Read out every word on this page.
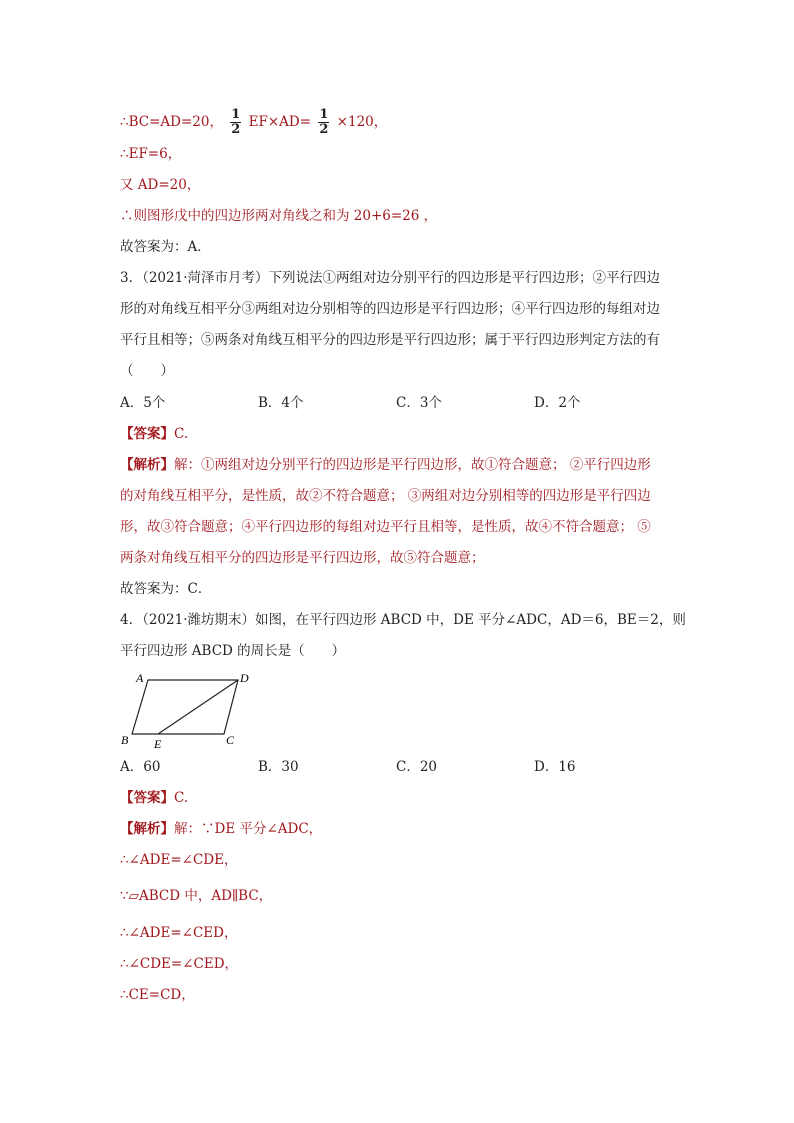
∴BC=AD=20， $\frac{1}{2} EF\times AD= \frac{1}{2} \times 120$，
∴EF=6，
又 AD=20，
∴则图形戊中的四边形两对角线之和为 20+6=26 ，
故答案为：A．
3．（2021·菏泽市月考）下列说法①两组对边分别平行的四边形是平行四边形；②平行四边
形的对角线互相平分③两组对边分别相等的四边形是平行四边形；④平行四边形的每组对边
平行且相等；⑤两条对角线互相平分的四边形是平行四边形；属于平行四边形判定方法的有
（　　）
A．5个	B．4个	C．3个	D．2个
【答案】C.
【解析】解：①两组对边分别平行的四边形是平行四边形，故①符合题意； ②平行四边形
的对角线互相平分，是性质，故②不符合题意； ③两组对边分别相等的四边形是平行四边
形，故③符合题意；④平行四边形的每组对边平行且相等，是性质，故④不符合题意； ⑤
两条对角线互相平分的四边形是平行四边形，故⑤符合题意；
故答案为：C．
4．（2021·潍坊期末）如图，在平行四边形 ABCD 中，DE 平分∠ADC，AD＝6，BE＝2，则
平行四边形 ABCD 的周长是（　　）
A	D
B E	C
A．60	B．30	C．20	D．16
【答案】C.
【解析】解：∵DE 平分∠ADC，
∴∠ADE=∠CDE，
∵▱ABCD 中，AD∥BC，
∴∠ADE=∠CED，
∴∠CDE=∠CED，
∴CE=CD，
